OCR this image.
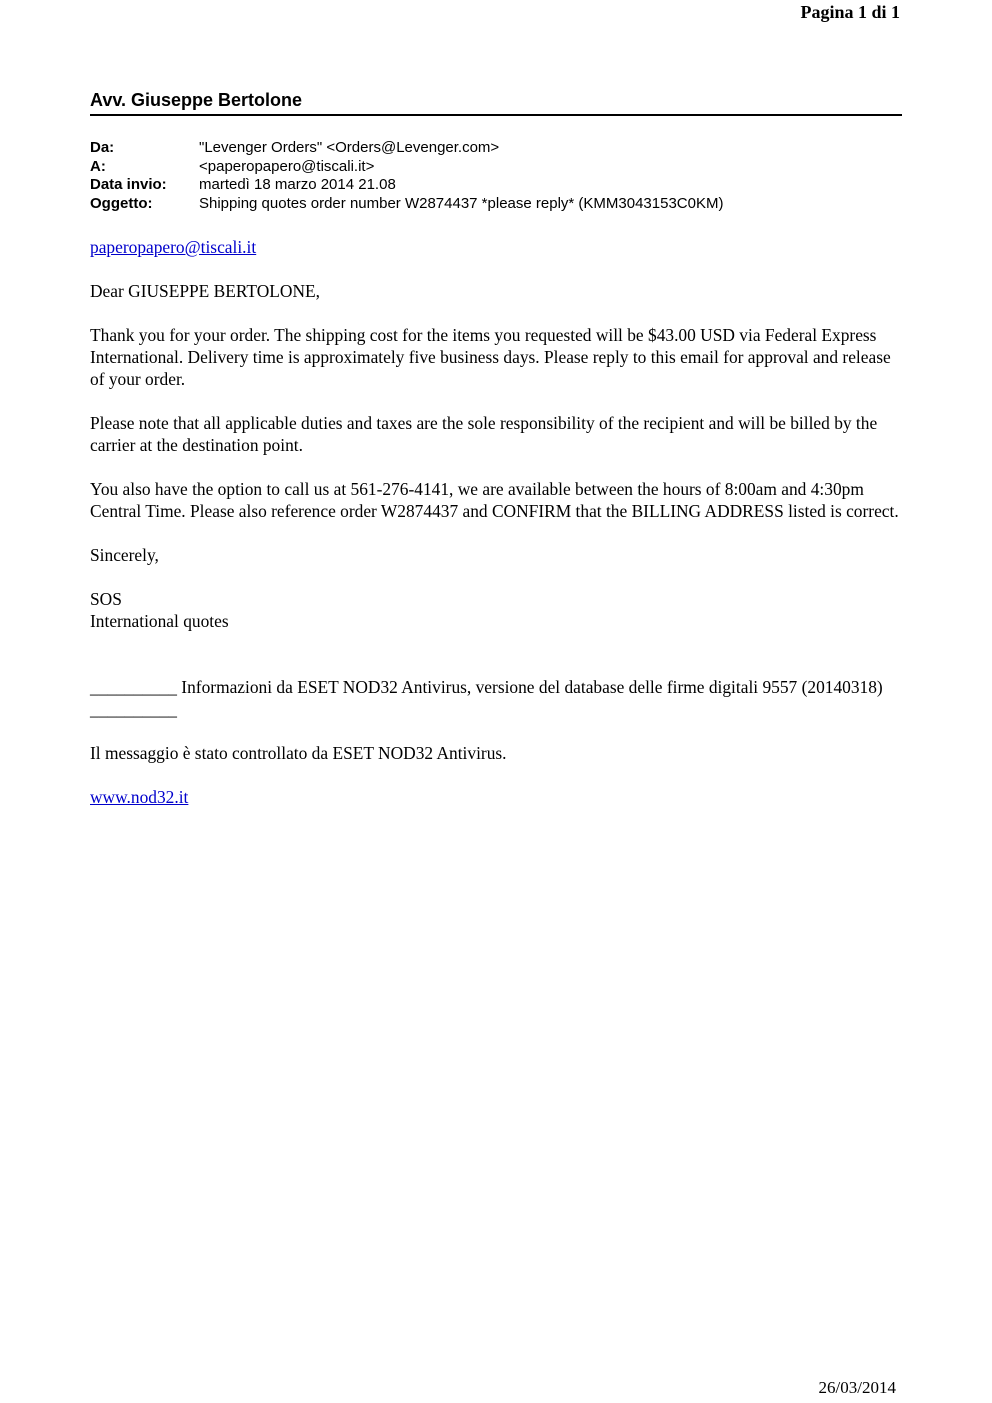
Pagina 1 di 1
Avv. Giuseppe Bertolone
Da:	"Levenger Orders" <Orders@Levenger.com>
A:	<paperopapero@tiscali.it>
Data invio:	martedì 18 marzo 2014 21.08
Oggetto:	Shipping quotes order number W2874437 *please reply* (KMM3043153C0KM)

paperopapero@tiscali.it

Dear GIUSEPPE BERTOLONE,

Thank you for your order. The shipping cost for the items you requested will be $43.00 USD via Federal Express International. Delivery time is approximately five business days. Please reply to this email for approval and release of your order.

Please note that all applicable duties and taxes are the sole responsibility of the recipient and will be billed by the carrier at the destination point.

You also have the option to call us at 561-276-4141, we are available between the hours of 8:00am and 4:30pm Central Time. Please also reference order W2874437 and CONFIRM that the BILLING ADDRESS listed is correct.

Sincerely,

SOS
International quotes

__________ Informazioni da ESET NOD32 Antivirus, versione del database delle firme digitali 9557 (20140318) __________

Il messaggio è stato controllato da ESET NOD32 Antivirus.

www.nod32.it

26/03/2014
